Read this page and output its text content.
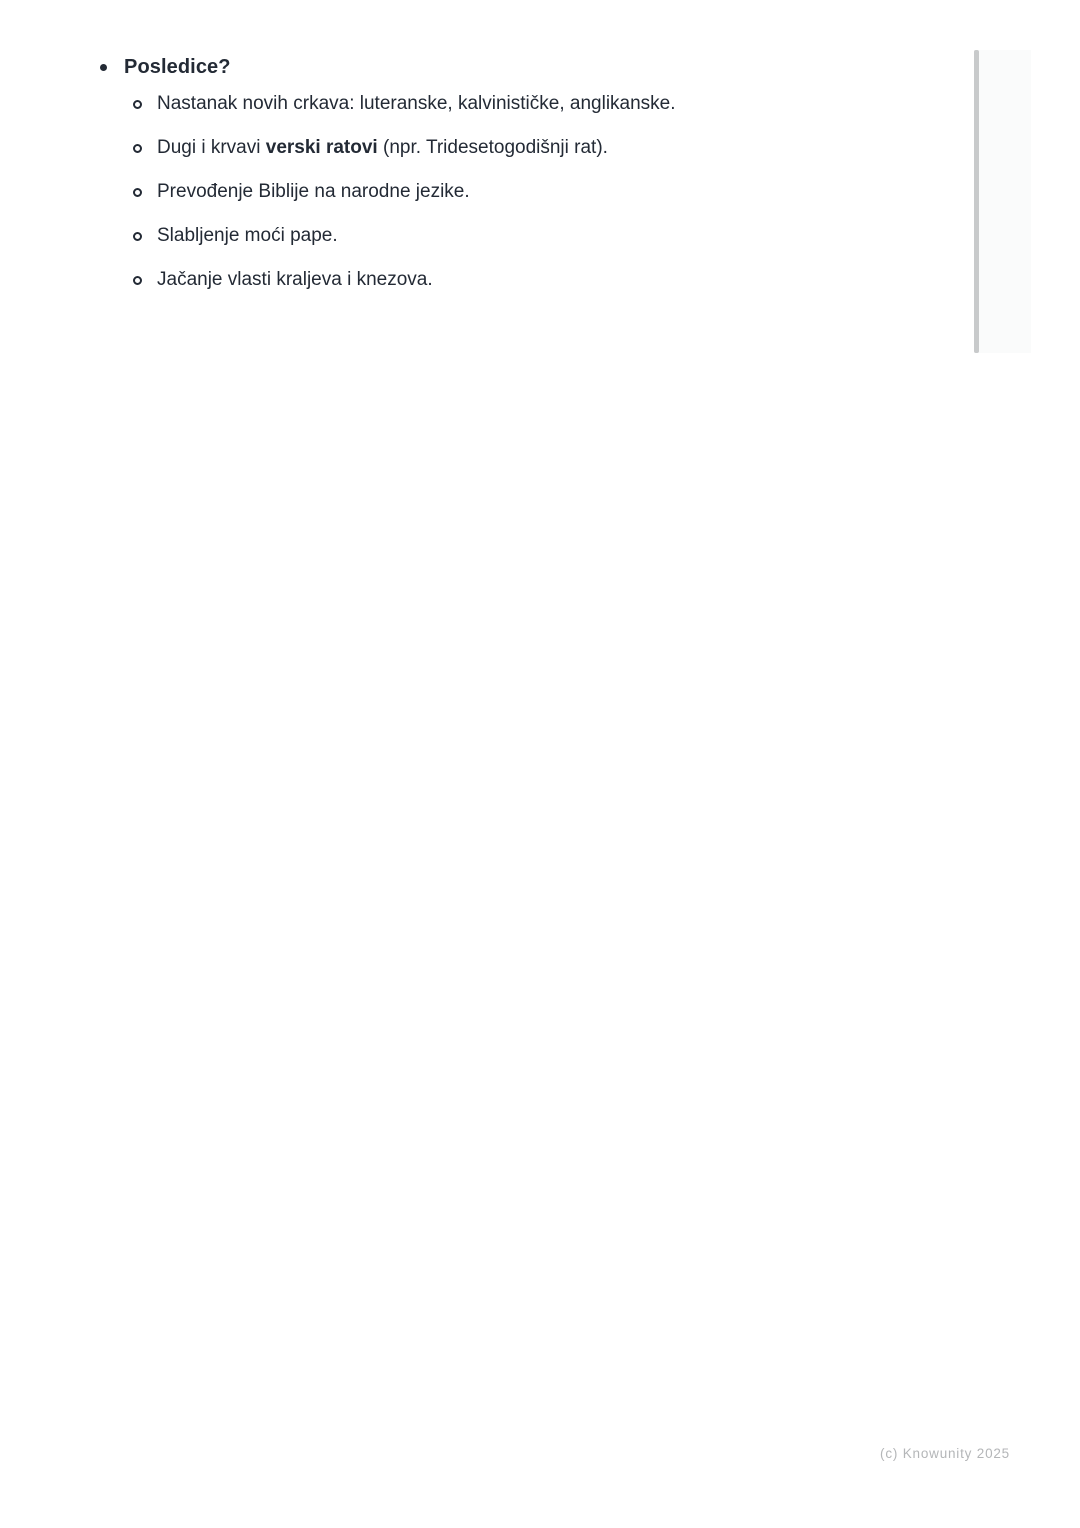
Posledice?
Nastanak novih crkava: luteranske, kalvinističke, anglikanske.
Dugi i krvavi verski ratovi (npr. Tridesetogodišnji rat).
Prevođenje Biblije na narodne jezike.
Slabljenje moći pape.
Jačanje vlasti kraljeva i knezova.
(c) Knowunity 2025
